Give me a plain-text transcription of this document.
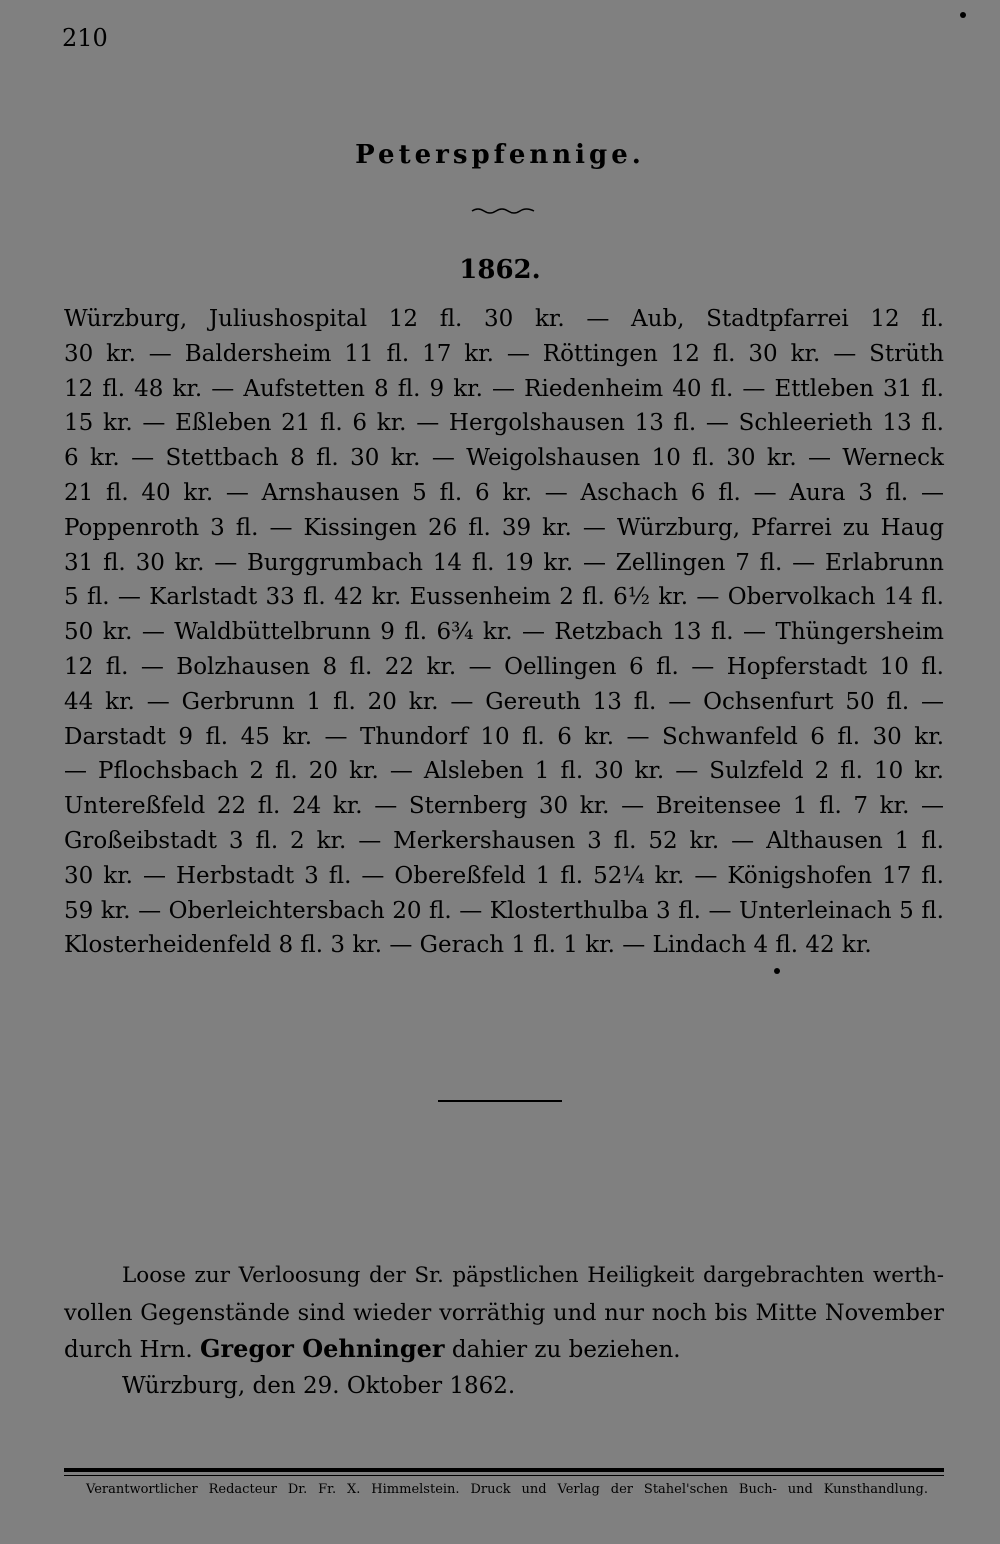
210
Peterspfennige.
1862.
Würzburg, Juliushospital 12 fl. 30 kr. — Aub, Stadtpfarrei 12 fl.
30 kr. — Baldersheim 11 fl. 17 kr. — Röttingen 12 fl. 30 kr. — Strüth
12 fl. 48 kr. — Aufstetten 8 fl. 9 kr. — Riedenheim 40 fl. — Ettleben 31 fl.
15 kr. — Eßleben 21 fl. 6 kr. — Hergolshausen 13 fl. — Schleerieth 13 fl.
6 kr. — Stettbach 8 fl. 30 kr. — Weigolshausen 10 fl. 30 kr. — Werneck
21 fl. 40 kr. — Arnshausen 5 fl. 6 kr. — Aschach 6 fl. — Aura 3 fl. —
Poppenroth 3 fl. — Kissingen 26 fl. 39 kr. — Würzburg, Pfarrei zu Haug
31 fl. 30 kr. — Burggrumbach 14 fl. 19 kr. — Zellingen 7 fl. — Erlabrunn
5 fl. — Karlstadt 33 fl. 42 kr. Eussenheim 2 fl. 6½ kr. — Obervolkach 14 fl.
50 kr. — Waldbüttelbrunn 9 fl. 6¾ kr. — Retzbach 13 fl. — Thüngersheim
12 fl. — Bolzhausen 8 fl. 22 kr. — Oellingen 6 fl. — Hopferstadt 10 fl.
44 kr. — Gerbrunn 1 fl. 20 kr. — Gereuth 13 fl. — Ochsenfurt 50 fl. —
Darstadt 9 fl. 45 kr. — Thundorf 10 fl. 6 kr. — Schwanfeld 6 fl. 30 kr.
— Pflochsbach 2 fl. 20 kr. — Alsleben 1 fl. 30 kr. — Sulzfeld 2 fl. 10 kr.
Untereßfeld 22 fl. 24 kr. — Sternberg 30 kr. — Breitensee 1 fl. 7 kr. —
Großeibstadt 3 fl. 2 kr. — Merkershausen 3 fl. 52 kr. — Althausen 1 fl.
30 kr. — Herbstadt 3 fl. — Obereßfeld 1 fl. 52¼ kr. — Königshofen 17 fl.
59 kr. — Oberleichtersbach 20 fl. — Klosterthulba 3 fl. — Unterleinach 5 fl.
Klosterheidenfeld 8 fl. 3 kr. — Gerach 1 fl. 1 kr. — Lindach 4 fl. 42 kr.
Loose zur Verloosung der Sr. päpstlichen Heiligkeit dargebrachten werth-
vollen Gegenstände sind wieder vorräthig und nur noch bis Mitte November
durch Hrn. Gregor Oehninger dahier zu beziehen.
Würzburg, den 29. Oktober 1862.
Verantwortlicher Redacteur Dr. Fr. X. Himmelstein. Druck und Verlag der Stahel'schen Buch- und Kunsthandlung.
